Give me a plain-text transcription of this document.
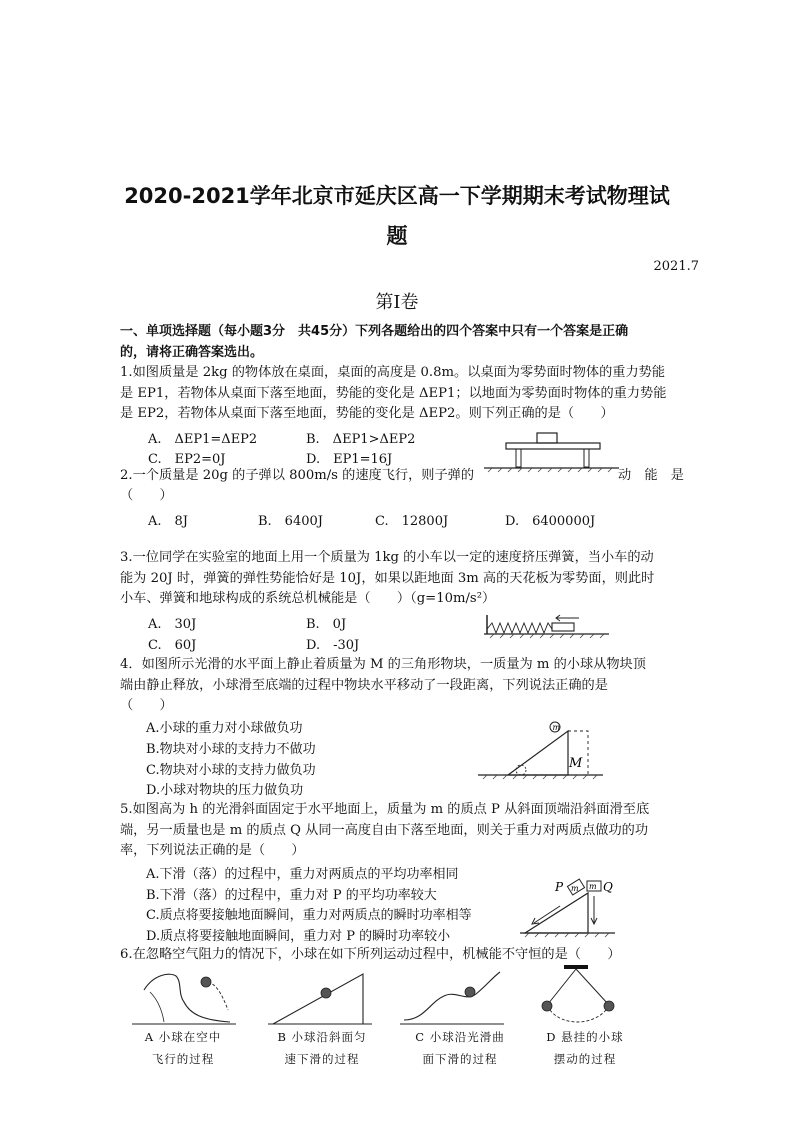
2020-2021学年北京市延庆区高一下学期期末考试物理试
题
2021.7
第Ⅰ卷
一、单项选择题（每小题3分　共45分）下列各题给出的四个答案中只有一个答案是正确
的，请将正确答案选出。
1.如图质量是 2kg 的物体放在桌面，桌面的高度是 0.8m。以桌面为零势面时物体的重力势能
是 EP1，若物体从桌面下落至地面，势能的变化是 ΔEP1；以地面为零势面时物体的重力势能
是 EP2，若物体从桌面下落至地面，势能的变化是 ΔEP2。则下列正确的是（　　）
A.　ΔEP1=ΔEP2	B.　ΔEP1>ΔEP2
C.　EP2=0J	D.　EP1=16J
2.一个质量是 20g 的子弹以 800m/s 的速度飞行，则子弹的	动　能　是
（　　）
A.　8J	B.　6400J	C.　12800J	D.　6400000J
3.一位同学在实验室的地面上用一个质量为 1kg 的小车以一定的速度挤压弹簧，当小车的动
能为 20J 时，弹簧的弹性势能恰好是 10J，如果以距地面 3m 高的天花板为零势面，则此时
小车、弹簧和地球构成的系统总机械能是（　　）（g=10m/s²）
A.　30J	B.　0J
C.　60J	D.　-30J
4．如图所示光滑的水平面上静止着质量为 M 的三角形物块，一质量为 m 的小球从物块顶
端由静止释放，小球滑至底端的过程中物块水平移动了一段距离，下列说法正确的是
（　　）
A.小球的重力对小球做负功
B.物块对小球的支持力不做功
C.物块对小球的支持力做负功
D.小球对物块的压力做负功
m
M
5.如图高为 h 的光滑斜面固定于水平地面上，质量为 m 的质点 P 从斜面顶端沿斜面滑至底
端，另一质量也是 m 的质点 Q 从同一高度自由下落至地面，则关于重力对两质点做功的功
率，下列说法正确的是（　　）
A.下滑（落）的过程中，重力对两质点的平均功率相同
B.下滑（落）的过程中，重力对 P 的平均功率较大
C.质点将要接触地面瞬间，重力对两质点的瞬时功率相等
D.质点将要接触地面瞬间，重力对 P 的瞬时功率较小
P m m Q
6.在忽略空气阻力的情况下，小球在如下所列运动过程中，机械能不守恒的是（　　）
A 小球在空中
飞行的过程
B 小球沿斜面匀
速下滑的过程
C 小球沿光滑曲
面下滑的过程
D 悬挂的小球
摆动的过程
